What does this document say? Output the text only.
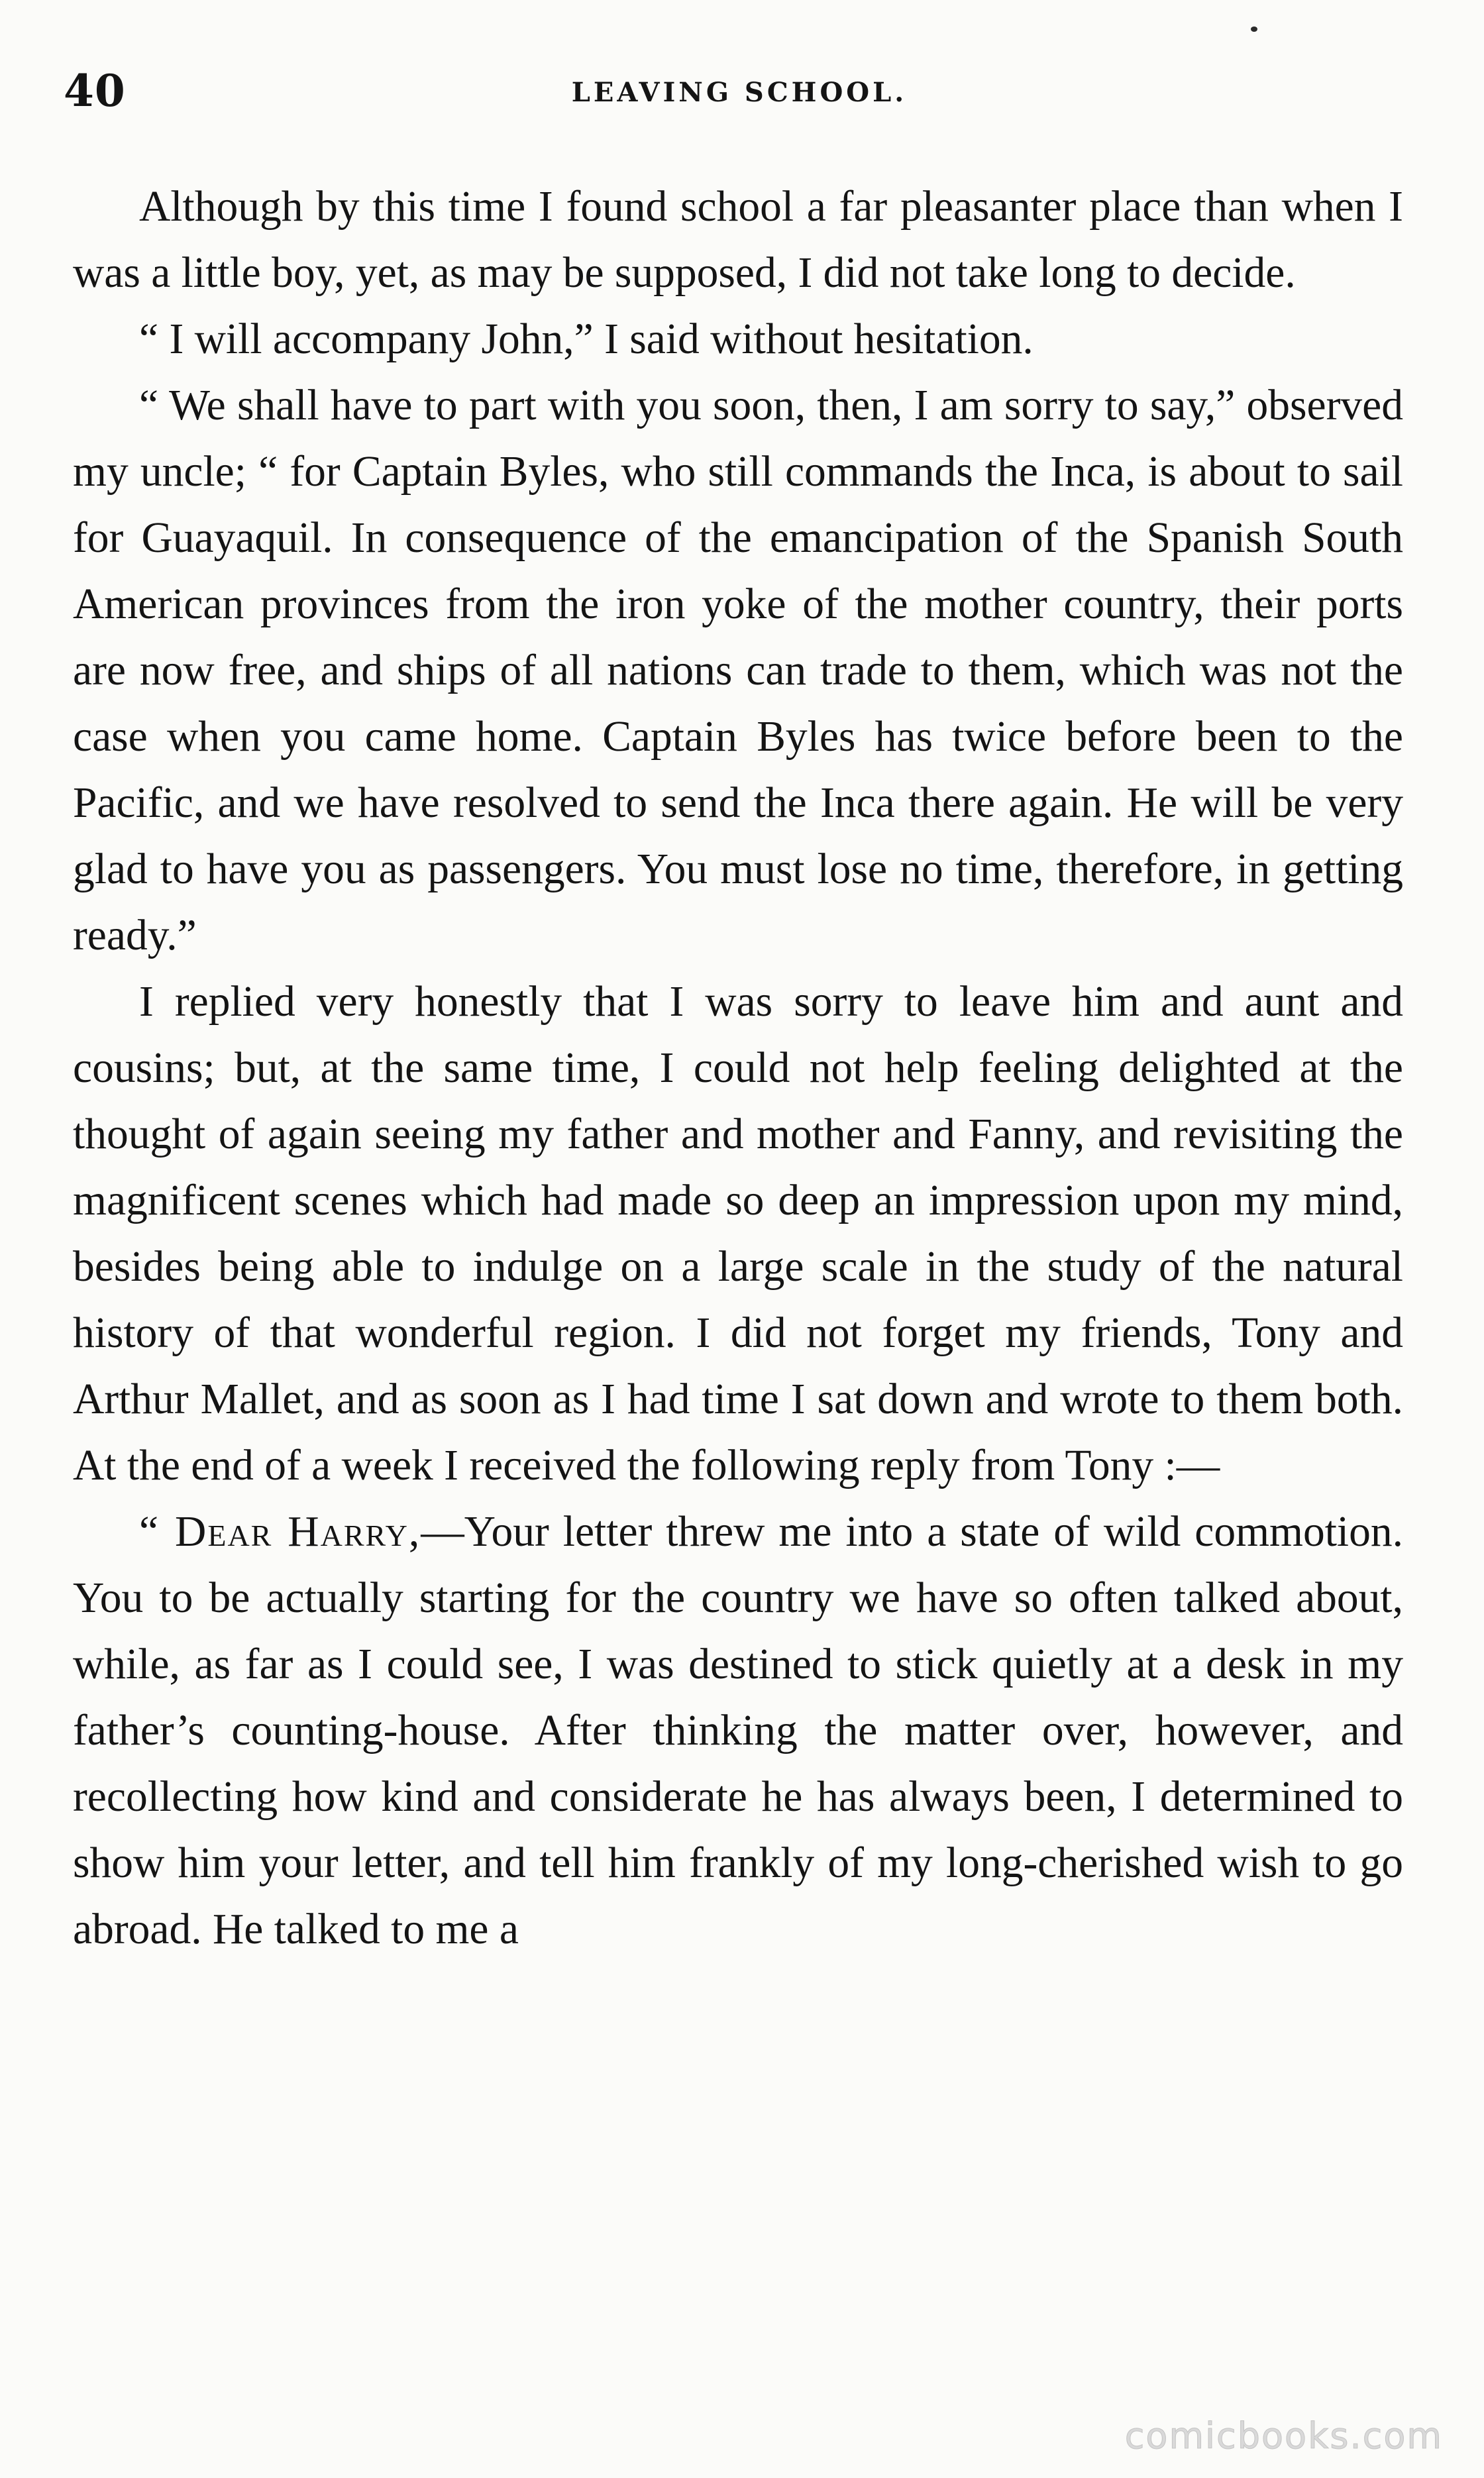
40	LEAVING SCHOOL.

Although by this time I found school a far pleasanter place than when I was a little boy, yet, as may be supposed, I did not take long to decide.

“ I will accompany John,” I said without hesitation.

“ We shall have to part with you soon, then, I am sorry to say,” observed my uncle; “ for Captain Byles, who still commands the Inca, is about to sail for Guayaquil. In consequence of the emancipation of the Spanish South American provinces from the iron yoke of the mother country, their ports are now free, and ships of all nations can trade to them, which was not the case when you came home. Captain Byles has twice before been to the Pacific, and we have resolved to send the Inca there again. He will be very glad to have you as passengers. You must lose no time, therefore, in getting ready.”

I replied very honestly that I was sorry to leave him and aunt and cousins; but, at the same time, I could not help feeling delighted at the thought of again seeing my father and mother and Fanny, and revisiting the magnificent scenes which had made so deep an impression upon my mind, besides being able to indulge on a large scale in the study of the natural history of that wonderful region. I did not forget my friends, Tony and Arthur Mallet, and as soon as I had time I sat down and wrote to them both. At the end of a week I received the following reply from Tony :—

“ Dear Harry,—Your letter threw me into a state of wild commotion. You to be actually starting for the country we have so often talked about, while, as far as I could see, I was destined to stick quietly at a desk in my father’s counting-house. After thinking the matter over, however, and recollecting how kind and considerate he has always been, I determined to show him your letter, and tell him frankly of my long-cherished wish to go abroad. He talked to me a

comicbooks.com
